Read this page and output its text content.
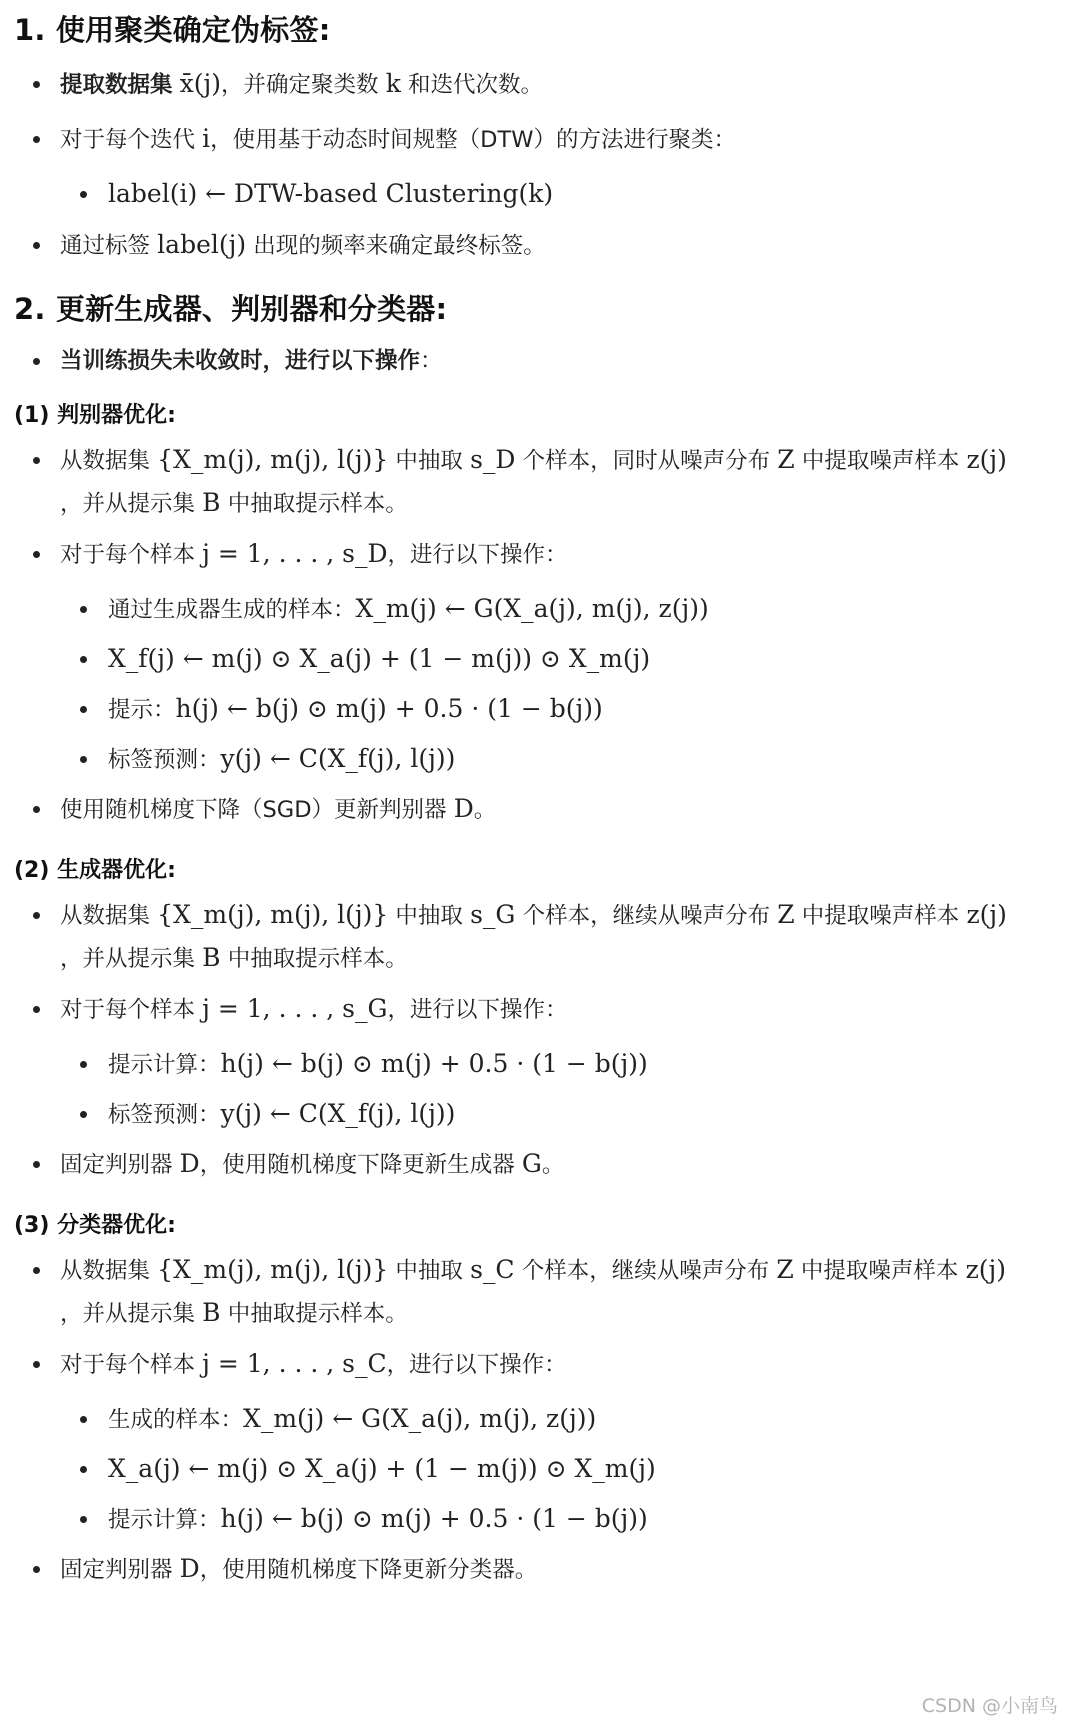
1. 使用聚类确定伪标签:
提取数据集 x̄(j)，并确定聚类数 k 和迭代次数。
对于每个迭代 i，使用基于动态时间规整（DTW）的方法进行聚类：
label(i) ← DTW-based Clustering(k)
通过标签 label(j) 出现的频率来确定最终标签。
2. 更新生成器、判别器和分类器:
当训练损失未收敛时，进行以下操作：
(1) 判别器优化:
从数据集 {X_m(j), m(j), l(j)} 中抽取 s_D 个样本，同时从噪声分布 Z 中提取噪声样本 z(j)
，并从提示集 B 中抽取提示样本。
对于每个样本 j = 1, . . . , s_D，进行以下操作：
通过生成器生成的样本：X_m(j) ← G(X_a(j), m(j), z(j))
X_f(j) ← m(j) ⊙ X_a(j) + (1 − m(j)) ⊙ X_m(j)
提示：h(j) ← b(j) ⊙ m(j) + 0.5 · (1 − b(j))
标签预测：y(j) ← C(X_f(j), l(j))
使用随机梯度下降（SGD）更新判别器 D。
(2) 生成器优化:
从数据集 {X_m(j), m(j), l(j)} 中抽取 s_G 个样本，继续从噪声分布 Z 中提取噪声样本 z(j)
，并从提示集 B 中抽取提示样本。
对于每个样本 j = 1, . . . , s_G，进行以下操作：
提示计算：h(j) ← b(j) ⊙ m(j) + 0.5 · (1 − b(j))
标签预测：y(j) ← C(X_f(j), l(j))
固定判别器 D，使用随机梯度下降更新生成器 G。
(3) 分类器优化:
从数据集 {X_m(j), m(j), l(j)} 中抽取 s_C 个样本，继续从噪声分布 Z 中提取噪声样本 z(j)
，并从提示集 B 中抽取提示样本。
对于每个样本 j = 1, . . . , s_C，进行以下操作：
生成的样本：X_m(j) ← G(X_a(j), m(j), z(j))
X_a(j) ← m(j) ⊙ X_a(j) + (1 − m(j)) ⊙ X_m(j)
提示计算：h(j) ← b(j) ⊙ m(j) + 0.5 · (1 − b(j))
固定判别器 D，使用随机梯度下降更新分类器。
CSDN @小南鸟
